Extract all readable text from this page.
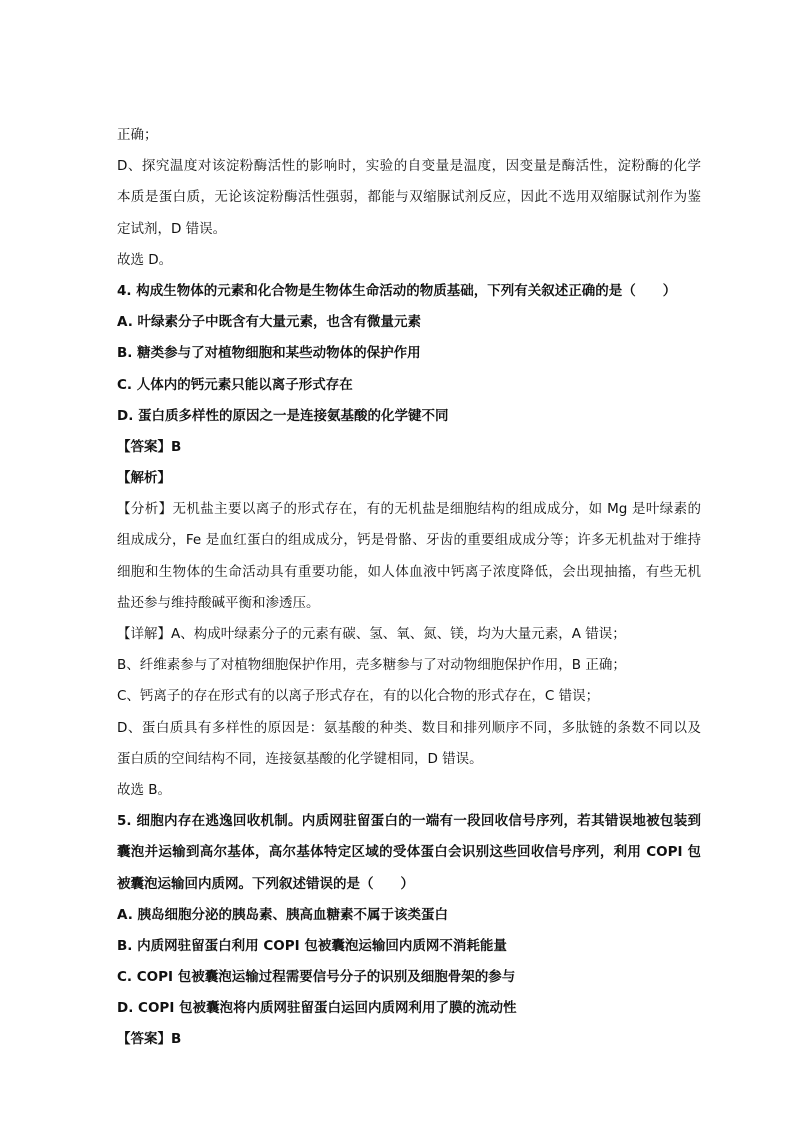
正确；
D、探究温度对该淀粉酶活性的影响时，实验的自变量是温度，因变量是酶活性，淀粉酶的化学
本质是蛋白质，无论该淀粉酶活性强弱，都能与双缩脲试剂反应，因此不选用双缩脲试剂作为鉴
定试剂，D 错误。
故选 D。
4. 构成生物体的元素和化合物是生物体生命活动的物质基础，下列有关叙述正确的是（　　）
A. 叶绿素分子中既含有大量元素，也含有微量元素
B. 糖类参与了对植物细胞和某些动物体的保护作用
C. 人体内的钙元素只能以离子形式存在
D. 蛋白质多样性的原因之一是连接氨基酸的化学键不同
【答案】B
【解析】
【分析】无机盐主要以离子的形式存在，有的无机盐是细胞结构的组成成分，如 Mg 是叶绿素的
组成成分，Fe 是血红蛋白的组成成分，钙是骨骼、牙齿的重要组成成分等；许多无机盐对于维持
细胞和生物体的生命活动具有重要功能，如人体血液中钙离子浓度降低，会出现抽搐，有些无机
盐还参与维持酸碱平衡和渗透压。
【详解】A、构成叶绿素分子的元素有碳、氢、氧、氮、镁，均为大量元素，A 错误；
B、纤维素参与了对植物细胞保护作用，壳多糖参与了对动物细胞保护作用，B 正确；
C、钙离子的存在形式有的以离子形式存在，有的以化合物的形式存在，C 错误；
D、蛋白质具有多样性的原因是：氨基酸的种类、数目和排列顺序不同，多肽链的条数不同以及
蛋白质的空间结构不同，连接氨基酸的化学键相同，D 错误。
故选 B。
5. 细胞内存在逃逸回收机制。内质网驻留蛋白的一端有一段回收信号序列，若其错误地被包装到
囊泡并运输到高尔基体，高尔基体特定区域的受体蛋白会识别这些回收信号序列，利用 COPI 包
被囊泡运输回内质网。下列叙述错误的是（　　）
A. 胰岛细胞分泌的胰岛素、胰高血糖素不属于该类蛋白
B. 内质网驻留蛋白利用 COPI 包被囊泡运输回内质网不消耗能量
C. COPI 包被囊泡运输过程需要信号分子的识别及细胞骨架的参与
D. COPI 包被囊泡将内质网驻留蛋白运回内质网利用了膜的流动性
【答案】B
